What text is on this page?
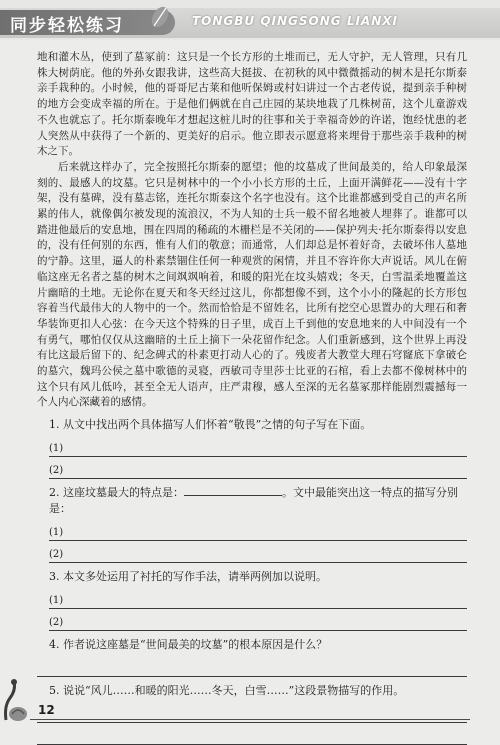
同步轻松练习	TONGBU QINGSONG LIANXI

地和灌木丛，使到了墓冢前：这只是一个长方形的土堆而已，无人守护，无人管理，只有几株大树荫庇。他的外孙女跟我讲，这些高大挺拔、在初秋的风中微微摇动的树木是托尔斯泰亲手栽种的。小时候，他的哥哥尼古莱和他听保姆或村妇讲过一个古老传说，提到亲手种树的地方会变成幸福的所在。于是他们俩就在自己庄园的某块地栽了几株树苗，这个儿童游戏不久也就忘了。托尔斯泰晚年才想起这桩儿时的往事和关于幸福奇妙的许诺，饱经忧患的老人突然从中获得了一个新的、更美好的启示。他立即表示愿意将来埋骨于那些亲手栽种的树木之下。

后来就这样办了，完全按照托尔斯泰的愿望；他的坟墓成了世间最美的，给人印象最深刻的、最感人的坟墓。它只是树林中的一个小小长方形的土丘，上面开满鲜花——没有十字架，没有墓碑，没有墓志铭，连托尔斯泰这个名字也没有。这个比谁都感到受自己的声名所累的伟人，就像偶尔被发现的流浪汉，不为人知的士兵一般不留名地被人埋葬了。谁都可以踏进他最后的安息地，围在四周的稀疏的木栅栏是不关闭的——保护列夫·托尔斯泰得以安息的，没有任何别的东西，惟有人们的敬意；而通常，人们却总是怀着好奇，去破坏伟人墓地的宁静。这里，逼人的朴素禁锢住任何一种观赏的闲情，并且不容许你大声说话。风儿在俯临这座无名者之墓的树木之间飒飒响着，和暖的阳光在坟头嬉戏；冬天，白雪温柔地覆盖这片幽暗的土地。无论你在夏天和冬天经过这儿，你都想像不到，这个小小的隆起的长方形包容着当代最伟大的人物中的一个。然而恰恰是不留姓名，比所有挖空心思置办的大理石和奢华装饰更扣人心弦：在今天这个特殊的日子里，成百上千到他的安息地来的人中间没有一个有勇气，哪怕仅仅从这幽暗的土丘上摘下一朵花留作纪念。人们重新感到，这个世界上再没有比这最后留下的、纪念碑式的朴素更打动人心的了。残废者大教堂大理石穹窿底下拿破仑的墓穴，魏玛公侯之墓中歌德的灵寝，西敏司寺里莎士比亚的石棺，看上去都不像树林中的这个只有风儿低吟，甚至全无人语声，庄严肃穆，感人至深的无名墓冢那样能剧烈震撼每一个人内心深藏着的感情。

1. 从文中找出两个具体描写人们怀着“敬畏”之情的句子写在下面。
(1)
(2)
2. 这座坟墓最大的特点是：	。文中最能突出这一特点的描写分别是：
(1)
(2)
3. 本文多处运用了衬托的写作手法，请举两例加以说明。
(1)
(2)
4. 作者说这座墓是“世间最美的坟墓”的根本原因是什么？
5. 说说“风儿……和暖的阳光……冬天，白雪……”这段景物描写的作用。
12
